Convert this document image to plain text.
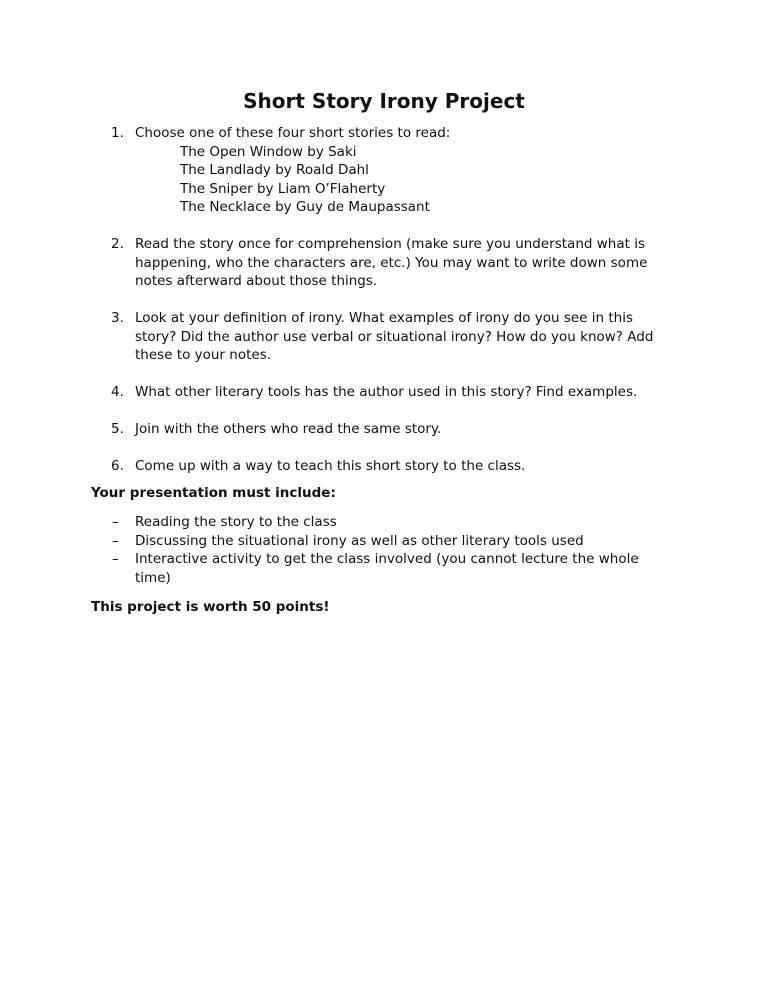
Short Story Irony Project
1. Choose one of these four short stories to read:
The Open Window by Saki
The Landlady by Roald Dahl
The Sniper by Liam O’Flaherty
The Necklace by Guy de Maupassant
2. Read the story once for comprehension (make sure you understand what is happening, who the characters are, etc.) You may want to write down some notes afterward about those things.
3. Look at your definition of irony. What examples of irony do you see in this story? Did the author use verbal or situational irony? How do you know? Add these to your notes.
4. What other literary tools has the author used in this story? Find examples.
5. Join with the others who read the same story.
6. Come up with a way to teach this short story to the class.

Your presentation must include:

– Reading the story to the class
– Discussing the situational irony as well as other literary tools used
– Interactive activity to get the class involved (you cannot lecture the whole time)

This project is worth 50 points!
